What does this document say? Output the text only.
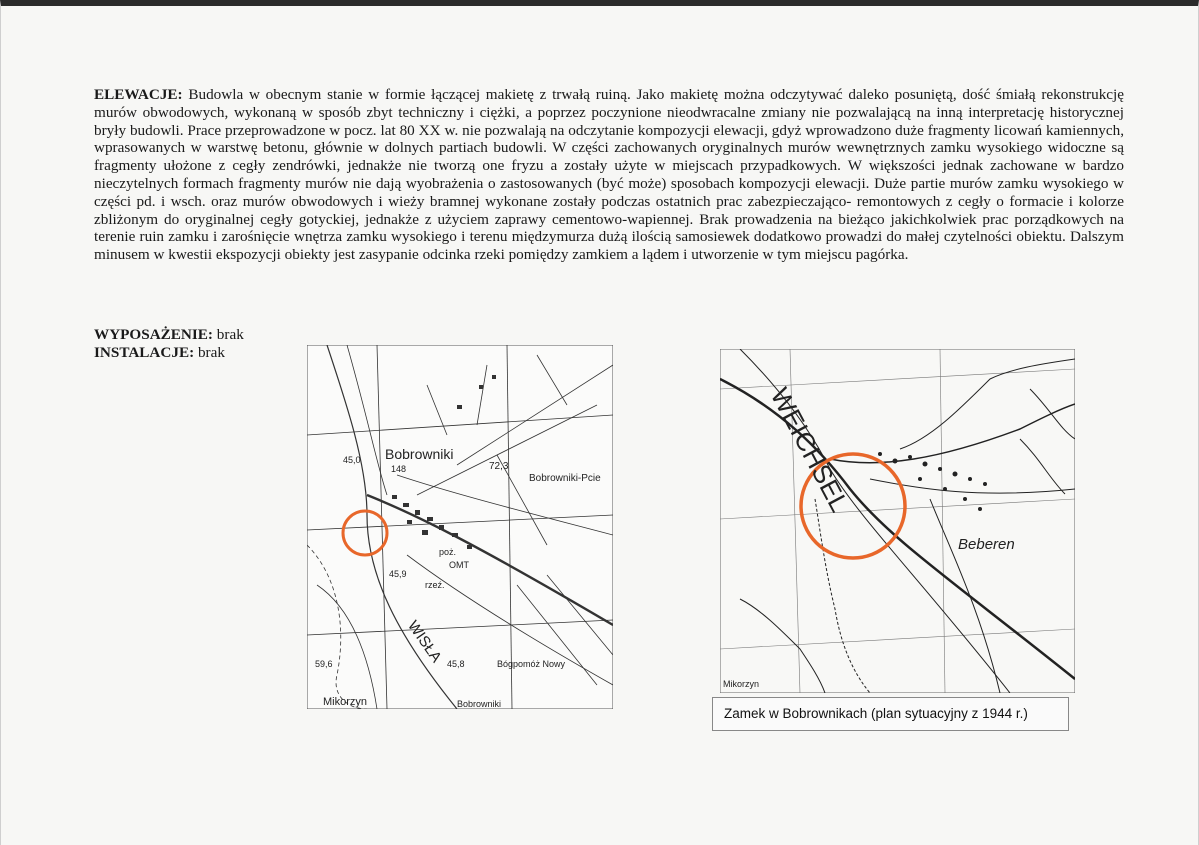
ELEWACJE: Budowla w obecnym stanie w formie łączącej makietę z trwałą ruiną. Jako makietę można odczytywać daleko posuniętą, dość śmiałą rekonstrukcję murów obwodowych, wykonaną w sposób zbyt techniczny i ciężki, a poprzez poczynione nieodwracalne zmiany nie pozwalającą na inną interpretację historycznej bryły budowli. Prace przeprowadzone w pocz. lat 80 XX w. nie pozwalają na odczytanie kompozycji elewacji, gdyż wprowadzono duże fragmenty licowań kamiennych, wprasowanych w warstwę betonu, głównie w dolnych partiach budowli. W części zachowanych oryginalnych murów wewnętrznych zamku wysokiego widoczne są fragmenty ułożone z cegły zendrówki, jednakże nie tworzą one fryzu a zostały użyte w miejscach przypadkowych. W większości jednak zachowane w bardzo nieczytelnych formach fragmenty murów nie dają wyobrażenia o zastosowanych (być może) sposobach kompozycji elewacji. Duże partie murów zamku wysokiego w części pd. i wsch. oraz murów obwodowych i wieży bramnej wykonane zostały podczas ostatnich prac zabezpieczająco- remontowych z cegły o formacie i kolorze zbliżonym do oryginalnej cegły gotyckiej, jednakże z użyciem zaprawy cementowo-wapiennej. Brak prowadzenia na bieżąco jakichkolwiek prac porządkowych na terenie ruin zamku i zarośnięcie wnętrza zamku wysokiego i terenu międzymurza dużą ilością samosiewek dodatkowo prowadzi do małej czytelności obiektu. Dalszym minusem w kwestii ekspozycji obiekty jest zasypanie odcinka rzeki pomiędzy zamkiem a lądem i utworzenie w tym miejscu pagórka.
WYPOSAŻENIE: brak
INSTALACJE: brak
Bobrowniki
148	72,3
Bobrowniki-Pcie
45,0
45,9
poż.
OMT
rzeź.
WISŁA 45,8	Bógpomóż Nowy
59,6
Mikorzyn	Bobrowniki
WEICHSEL
Beberen
Mikorzyn
Zamek w Bobrownikach (plan sytuacyjny z 1944 r.)
